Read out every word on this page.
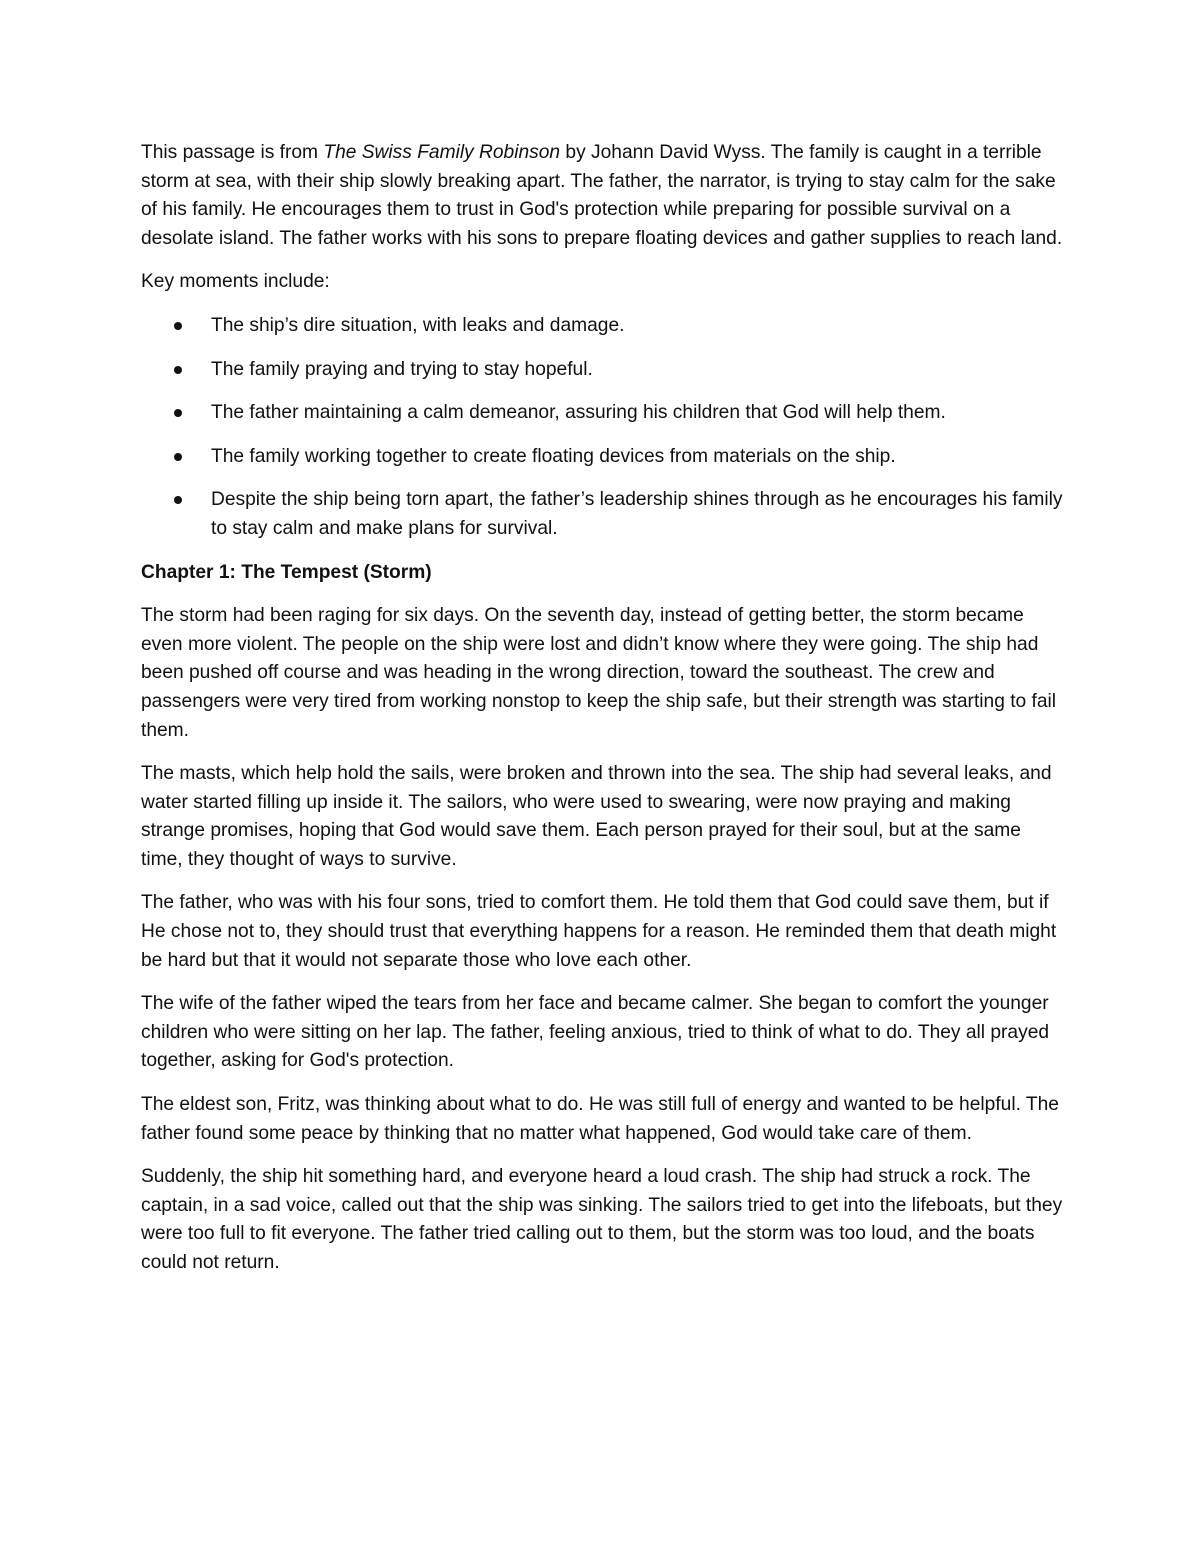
This passage is from The Swiss Family Robinson by Johann David Wyss. The family is caught in a terrible storm at sea, with their ship slowly breaking apart. The father, the narrator, is trying to stay calm for the sake of his family. He encourages them to trust in God's protection while preparing for possible survival on a desolate island. The father works with his sons to prepare floating devices and gather supplies to reach land.

Key moments include:

The ship’s dire situation, with leaks and damage.
The family praying and trying to stay hopeful.
The father maintaining a calm demeanor, assuring his children that God will help them.
The family working together to create floating devices from materials on the ship.
Despite the ship being torn apart, the father’s leadership shines through as he encourages his family to stay calm and make plans for survival.

Chapter 1: The Tempest (Storm)

The storm had been raging for six days. On the seventh day, instead of getting better, the storm became even more violent. The people on the ship were lost and didn’t know where they were going. The ship had been pushed off course and was heading in the wrong direction, toward the southeast. The crew and passengers were very tired from working nonstop to keep the ship safe, but their strength was starting to fail them.

The masts, which help hold the sails, were broken and thrown into the sea. The ship had several leaks, and water started filling up inside it. The sailors, who were used to swearing, were now praying and making strange promises, hoping that God would save them. Each person prayed for their soul, but at the same time, they thought of ways to survive.

The father, who was with his four sons, tried to comfort them. He told them that God could save them, but if He chose not to, they should trust that everything happens for a reason. He reminded them that death might be hard but that it would not separate those who love each other.

The wife of the father wiped the tears from her face and became calmer. She began to comfort the younger children who were sitting on her lap. The father, feeling anxious, tried to think of what to do. They all prayed together, asking for God's protection.

The eldest son, Fritz, was thinking about what to do. He was still full of energy and wanted to be helpful. The father found some peace by thinking that no matter what happened, God would take care of them.

Suddenly, the ship hit something hard, and everyone heard a loud crash. The ship had struck a rock. The captain, in a sad voice, called out that the ship was sinking. The sailors tried to get into the lifeboats, but they were too full to fit everyone. The father tried calling out to them, but the storm was too loud, and the boats could not return.
